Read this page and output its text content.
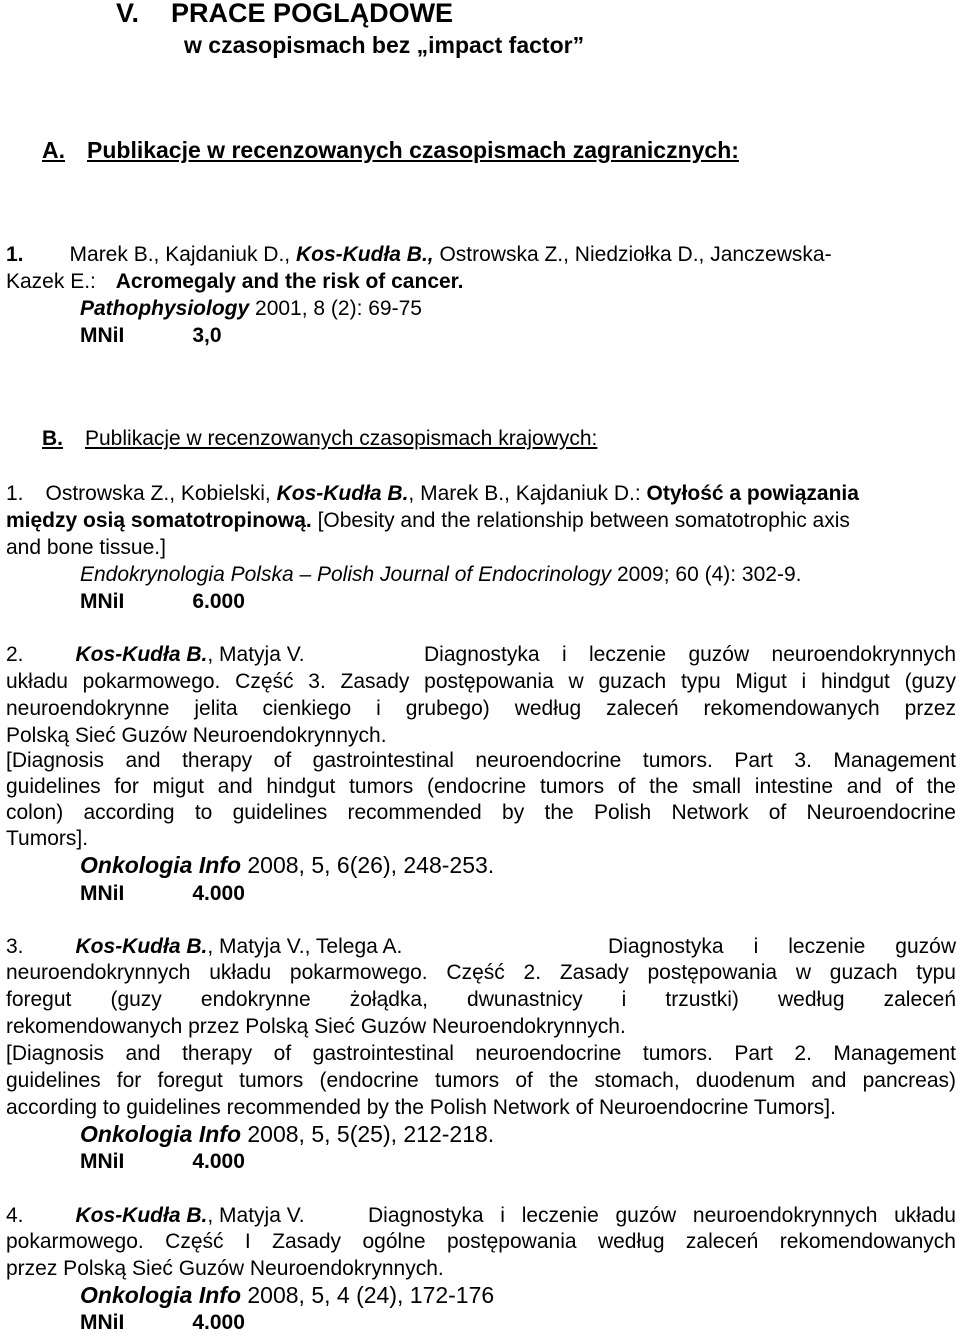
V. PRACE POGLĄDOWE
w czasopismach bez „impact factor”
A. Publikacje w recenzowanych czasopismach zagranicznych:
1. Marek B., Kajdaniuk D., Kos-Kudła B., Ostrowska Z., Niedziołka D., Janczewska-
Kazek E.: Acromegaly and the risk of cancer.
Pathophysiology 2001, 8 (2): 69-75
MNiI	3,0
B. Publikacje w recenzowanych czasopismach krajowych:
1. Ostrowska Z., Kobielski, Kos-Kudła B., Marek B., Kajdaniuk D.: Otyłość a powiązania
między osią somatotropinową. [Obesity and the relationship between somatotrophic axis
and bone tissue.]
Endokrynologia Polska – Polish Journal of Endocrinology 2009; 60 (4): 302-9.
MNiI	6.000
2. Kos-Kudła B., Matyja V.	Diagnostyka i leczenie guzów neuroendokrynnych
układu pokarmowego. Część 3. Zasady postępowania w guzach typu Migut i hindgut (guzy
neuroendokrynne jelita cienkiego i grubego) według zaleceń rekomendowanych przez
Polską Sieć Guzów Neuroendokrynnych.
[Diagnosis and therapy of gastrointestinal neuroendocrine tumors. Part 3. Management
guidelines for migut and hindgut tumors (endocrine tumors of the small intestine and of the
colon) according to guidelines recommended by the Polish Network of Neuroendocrine
Tumors].
Onkologia Info 2008, 5, 6(26), 248-253.
MNiI	4.000
3. Kos-Kudła B., Matyja V., Telega A.	Diagnostyka i leczenie guzów
neuroendokrynnych układu pokarmowego. Część 2. Zasady postępowania w guzach typu
foregut (guzy endokrynne żołądka, dwunastnicy i trzustki) według zaleceń
rekomendowanych przez Polską Sieć Guzów Neuroendokrynnych.
[Diagnosis and therapy of gastrointestinal neuroendocrine tumors. Part 2. Management
guidelines for foregut tumors (endocrine tumors of the stomach, duodenum and pancreas)
according to guidelines recommended by the Polish Network of Neuroendocrine Tumors].
Onkologia Info 2008, 5, 5(25), 212-218.
MNiI	4.000
4. Kos-Kudła B., Matyja V.	Diagnostyka i leczenie guzów neuroendokrynnych układu
pokarmowego. Część I Zasady ogólne postępowania według zaleceń rekomendowanych
przez Polską Sieć Guzów Neuroendokrynnych.
Onkologia Info 2008, 5, 4 (24), 172-176
MNiI	4.000
